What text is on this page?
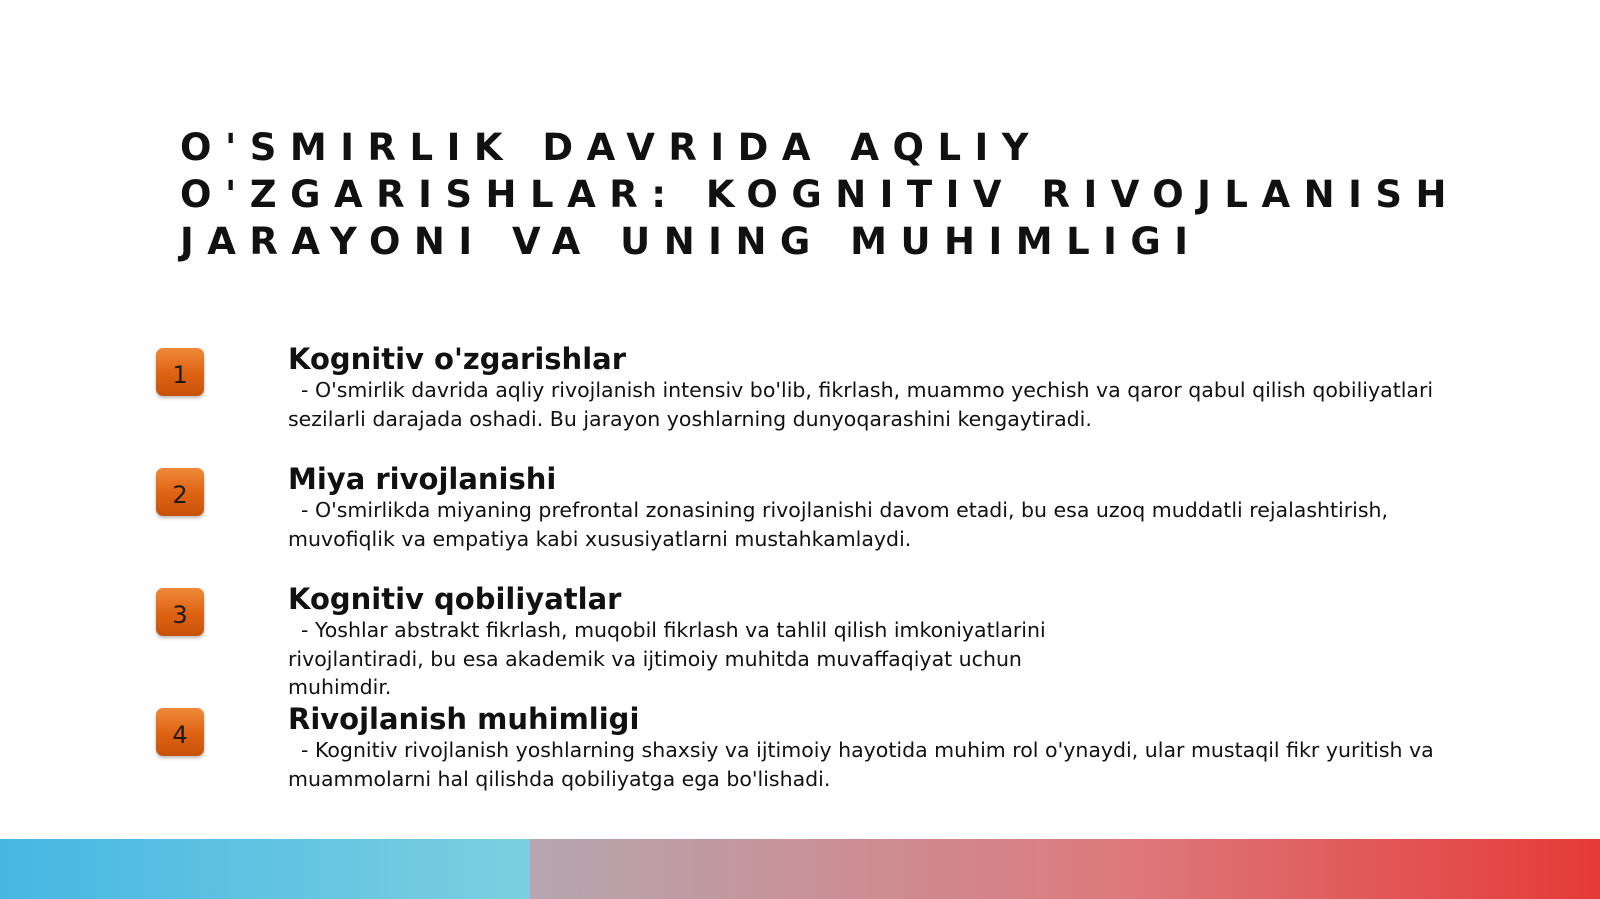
O'SMIRLIK DAVRIDA AQLIY O'ZGARISHLAR: KOGNITIV RIVOJLANISH JARAYONI VA UNING MUHIMLIGI
1	Kognitiv o'zgarishlar

- O'smirlik davrida aqliy rivojlanish intensiv bo'lib, fikrlash, muammo yechish va qaror qabul qilish qobiliyatlari sezilarli darajada oshadi. Bu jarayon yoshlarning dunyoqarashini kengaytiradi.

2	Miya rivojlanishi

- O'smirlikda miyaning prefrontal zonasining rivojlanishi davom etadi, bu esa uzoq muddatli rejalashtirish, muvofiqlik va empatiya kabi xususiyatlarni mustahkamlaydi.

3	Kognitiv qobiliyatlar

- Yoshlar abstrakt fikrlash, muqobil fikrlash va tahlil qilish imkoniyatlarini
rivojlantiradi, bu esa akademik va ijtimoiy muhitda muvaffaqiyat uchun
muhimdir.

4	Rivojlanish muhimligi

- Kognitiv rivojlanish yoshlarning shaxsiy va ijtimoiy hayotida muhim rol o'ynaydi, ular mustaqil fikr yuritish va muammolarni hal qilishda qobiliyatga ega bo'lishadi.
